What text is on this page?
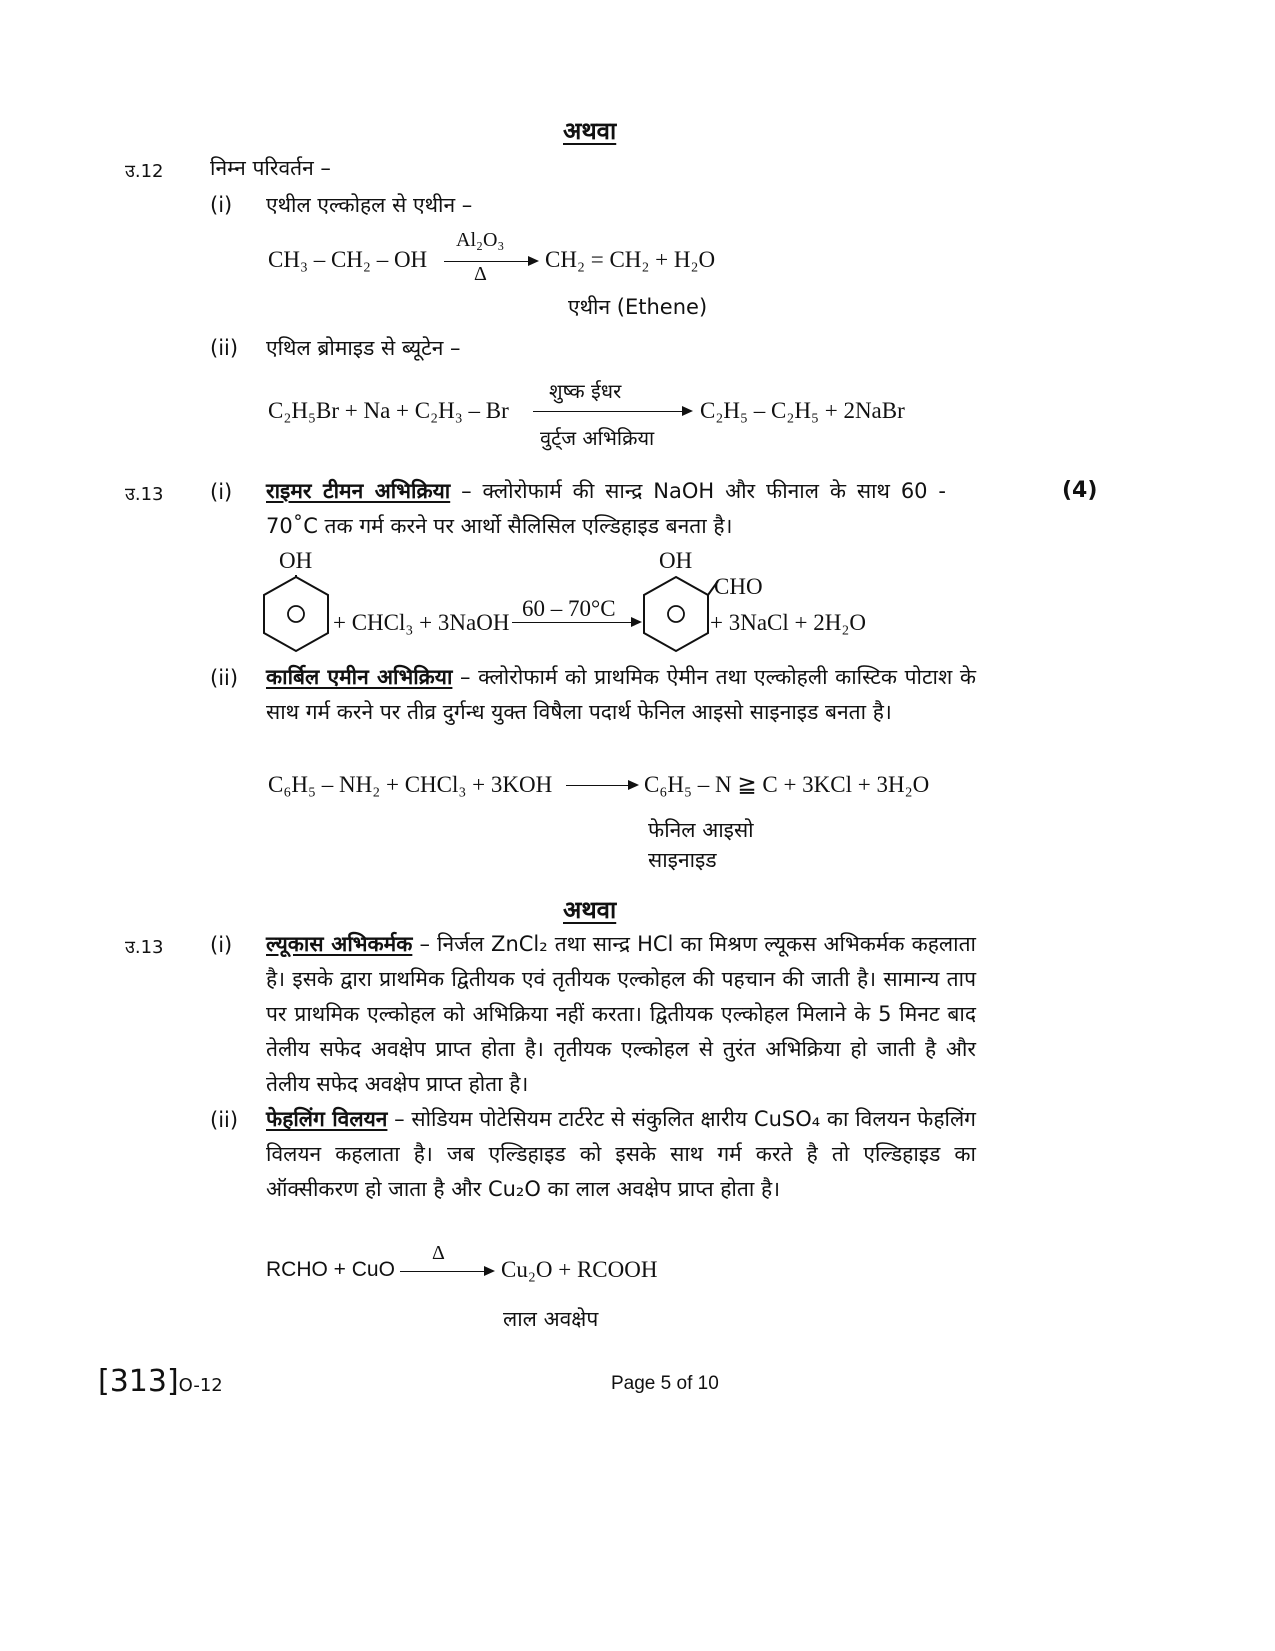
अथवा
उ.12 निम्न परिवर्तन –
(i) एथील एल्कोहल से एथीन –
CH₃ – CH₂ – OH
Al₂O₃
Δ
CH₂ = CH₂ + H₂O
एथीन (Ethene)
(ii) एथिल ब्रोमाइड से ब्यूटेन –
शुष्क ईधर
C₂H₅Br + Na + C₂H₃ – Br	C₂H₅ – C₂H₅ + 2NaBr
वुर्ट्ज अभिक्रिया
उ.13	(4)
(i) राइमर टीमन अभिक्रिया – क्लोरोफार्म की सान्द्र NaOH और फीनाल के साथ 60 - 70˚C तक गर्म करने पर आर्थो सैलिसिल एल्डिहाइड बनता है।
OH
+ CHCl₃ + 3NaOH
60 – 70°C
OH
CHO
+ 3NaCl + 2H₂O
(ii) कार्बिल एमीन अभिक्रिया – क्लोरोफार्म को प्राथमिक ऐमीन तथा एल्कोहली कास्टिक पोटाश के साथ गर्म करने पर तीव्र दुर्गन्ध युक्त विषैला पदार्थ फेनिल आइसो साइनाइड बनता है।
C₆H₅ – NH₂ + CHCl₃ + 3KOH	C₆H₅ – N ≧ C + 3KCl + 3H₂O
फेनिल आइसो
साइनाइड
अथवा
उ.13 (i) ल्यूकास अभिकर्मक – निर्जल ZnCl₂ तथा सान्द्र HCl का मिश्रण ल्यूकस अभिकर्मक कहलाता है। इसके द्वारा प्राथमिक द्वितीयक एवं तृतीयक एल्कोहल की पहचान की जाती है। सामान्य ताप पर प्राथमिक एल्कोहल को अभिक्रिया नहीं करता। द्वितीयक एल्कोहल मिलाने के 5 मिनट बाद तेलीय सफेद अवक्षेप प्राप्त होता है। तृतीयक एल्कोहल से तुरंत अभिक्रिया हो जाती है और तेलीय सफेद अवक्षेप प्राप्त होता है।
(ii) फेहलिंग विलयन – सोडियम पोटेसियम टार्टरेट से संकुलित क्षारीय CuSO₄ का विलयन फेहलिंग विलयन कहलाता है। जब एल्डिहाइड को इसके साथ गर्म करते है तो एल्डिहाइड का ऑक्सीकरण हो जाता है और Cu₂O का लाल अवक्षेप प्राप्त होता है।
RCHO + CuO
Δ
Cu₂O + RCOOH
लाल अवक्षेप
[313]O-12	Page 5 of 10
